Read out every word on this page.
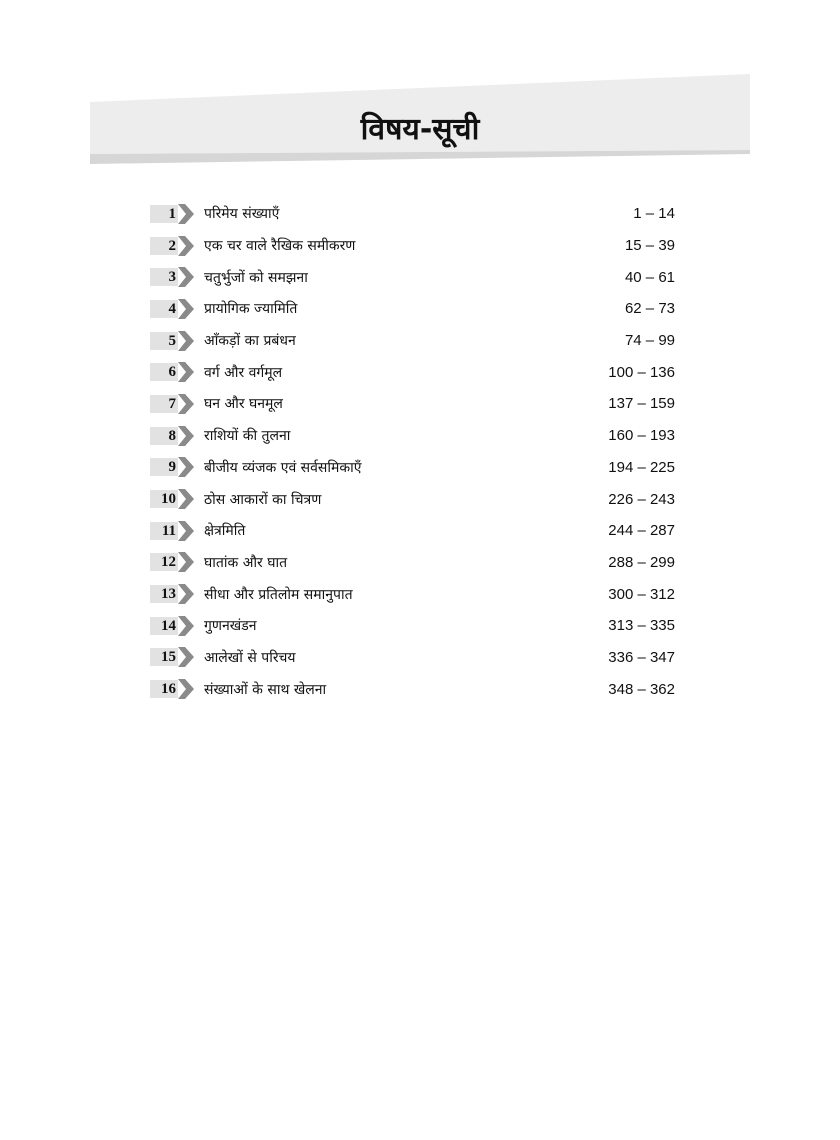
विषय-सूची
1 परिमेय संख्याएँ	1 – 14
2 एक चर वाले रैखिक समीकरण	15 – 39
3 चतुर्भुजों को समझना	40 – 61
4 प्रायोगिक ज्यामिति	62 – 73
5 आँकड़ों का प्रबंधन	74 – 99
6 वर्ग और वर्गमूल	100 – 136
7 घन और घनमूल	137 – 159
8 राशियों की तुलना	160 – 193
9 बीजीय व्यंजक एवं सर्वसमिकाएँ	194 – 225
10 ठोस आकारों का चित्रण	226 – 243
11 क्षेत्रमिति	244 – 287
12 घातांक और घात	288 – 299
13 सीधा और प्रतिलोम समानुपात	300 – 312
14 गुणनखंडन	313 – 335
15 आलेखों से परिचय	336 – 347
16 संख्याओं के साथ खेलना	348 – 362
